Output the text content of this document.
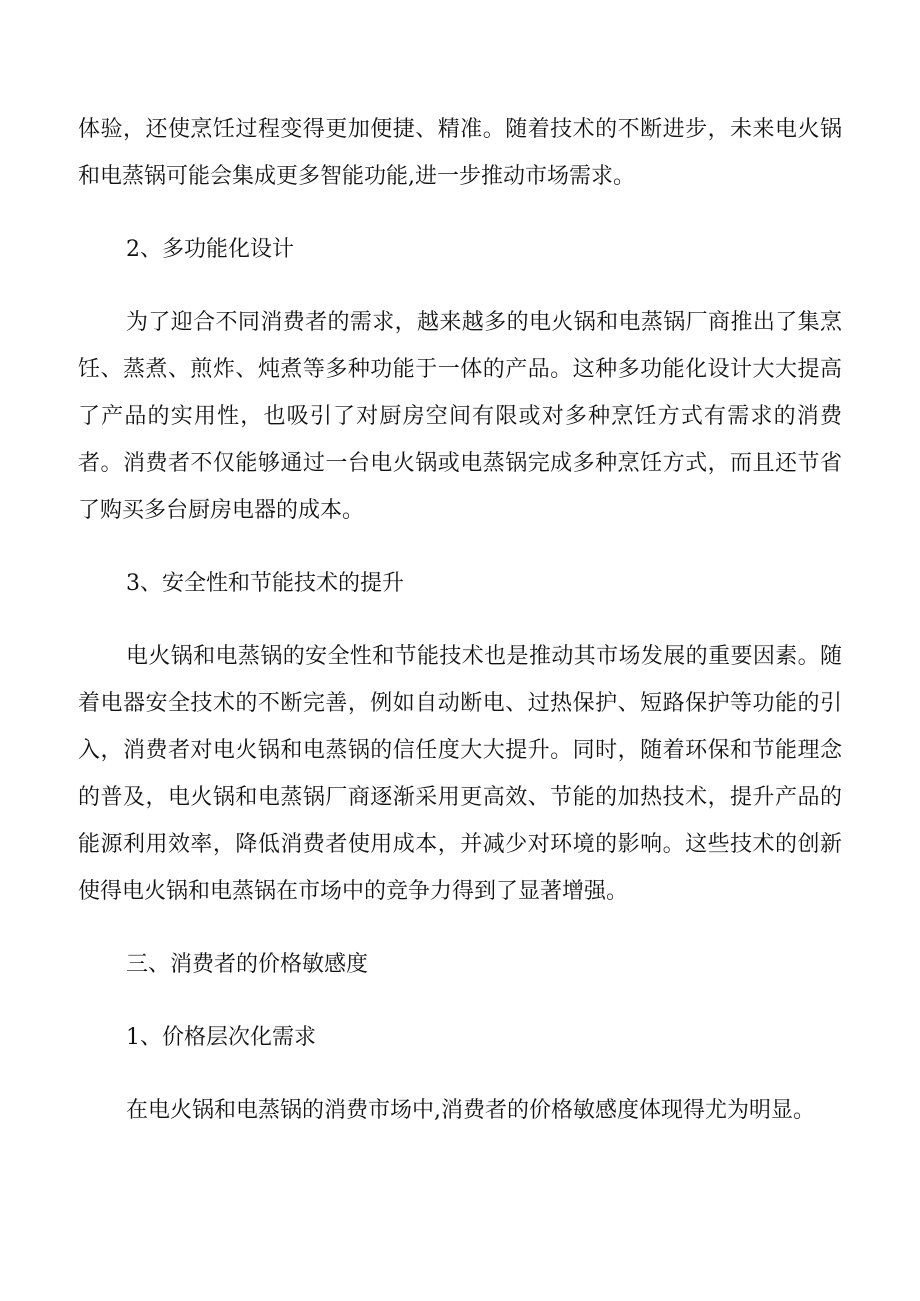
体验，还使烹饪过程变得更加便捷、精准。随着技术的不断进步，未来电火锅和电蒸锅可能会集成更多智能功能,进一步推动市场需求。

2、多功能化设计

为了迎合不同消费者的需求，越来越多的电火锅和电蒸锅厂商推出了集烹饪、蒸煮、煎炸、炖煮等多种功能于一体的产品。这种多功能化设计大大提高了产品的实用性，也吸引了对厨房空间有限或对多种烹饪方式有需求的消费者。消费者不仅能够通过一台电火锅或电蒸锅完成多种烹饪方式，而且还节省了购买多台厨房电器的成本。

3、安全性和节能技术的提升

电火锅和电蒸锅的安全性和节能技术也是推动其市场发展的重要因素。随着电器安全技术的不断完善，例如自动断电、过热保护、短路保护等功能的引入，消费者对电火锅和电蒸锅的信任度大大提升。同时，随着环保和节能理念的普及，电火锅和电蒸锅厂商逐渐采用更高效、节能的加热技术，提升产品的能源利用效率，降低消费者使用成本，并减少对环境的影响。这些技术的创新使得电火锅和电蒸锅在市场中的竞争力得到了显著增强。

三、消费者的价格敏感度

1、价格层次化需求

在电火锅和电蒸锅的消费市场中,消费者的价格敏感度体现得尤为明显。
